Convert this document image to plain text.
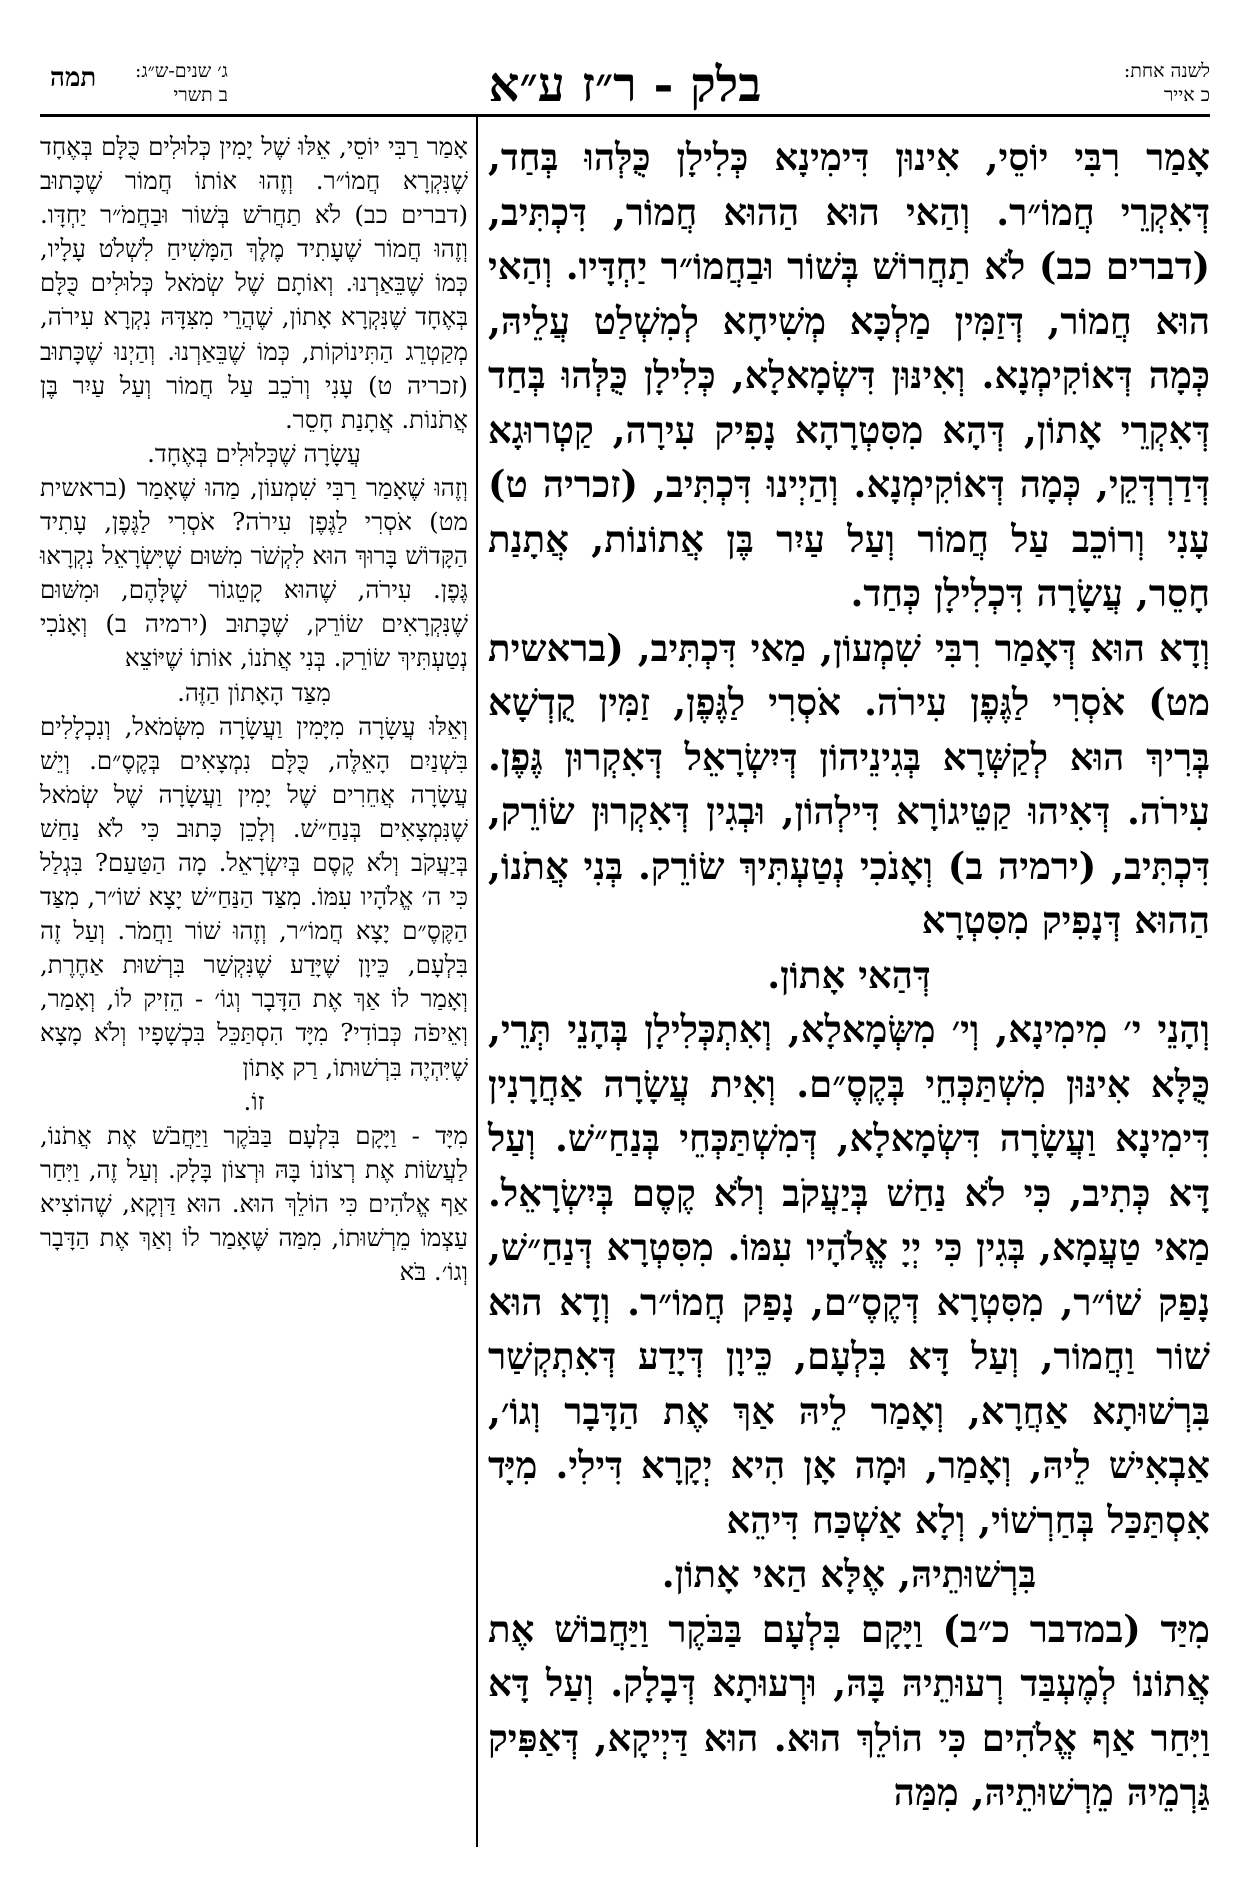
תמה ג׳ שנים-ש״ג:
ב תשרי	בלק - ר״ז ע״א	לשנה אחת:
כ אייר

אָמַר רִבִּי יוֹסֵי, אִינוּן דִּימִינָא כְּלִילָן כֻּלְּהוּ בְּחַד, דְּאִקְרֵי חֲמוֹ״ר. וְהַאי הוּא הַהוּא חֲמוֹר, דִּכְתִּיב, (דברים כב) לֹא תַחֲרוֹשׁ בְּשׁוֹר וּבַחֲמוֹ״ר יַחְדָּיו. וְהַאי הוּא חֲמוֹר, דְּזַמִּין מַלְכָּא מְשִׁיחָא לְמִשְׁלַט עֲלֵיהּ, כְּמָה דְּאוֹקִימְנָא. וְאִינּוּן דִּשְׂמָאלָא, כְּלִילָן כֻּלְּהוּ בְּחַד דְּאִקְרֵי אָתוֹן, דְּהָא מִסִּטְרָהָא נָפִיק עִירָה, קַטְרוּגָא דְּדַרְדְּקֵי, כְּמָה דְּאוֹקִימְנָא. וְהַיְינוּ דִּכְתִּיב, (זכריה ט) עָנִי וְרוֹכֵב עַל חֲמוֹר וְעַל עַיִר בֶּן אֲתוֹנוֹת, אֲתָנַת חָסֵר, עֲשָׂרָה דִּכְלִילָן כְּחַד.

וְדָא הוּא דְּאָמַר רִבִּי שִׁמְעוֹן, מַאי דִּכְתִּיב, (בראשית מט) אֹסְרִי לַגֶּפֶן עִירֹה. אֹסְרִי לַגֶּפֶן, זַמִּין קֻדְשָׁא בְּרִיךְ הוּא לְקַשְּׁרָא בְּגִינֵיהוֹן דְּיִשְׂרָאֵל דְּאִקְרוּן גֶּפֶן. עִירֹה. דְּאִיהוּ קַטֵּיגוֹרָא דִּילְהוֹן, וּבְגִין דְּאִקְרוּן שׂוֹרֵק, דִּכְתִּיב, (ירמיה ב) וְאָנֹכִי נְטַעְתִּיךְ שׂוֹרֵק. בְּנִי אֲתֹנוֹ, הַהוּא דְּנָפִיק מִסִּטְרָא

דְּהַאי אָתוֹן.

וְהָנֵי י׳ מִימִינָא, וְי׳ מִשְּׂמָאלָא, וְאִתְכְּלִילָן בְּהָנֵי תְּרֵי, כֻּלָּא אִינּוּן מִשְׁתַּכְּחֵי בְּקֶסֶ״ם. וְאִית עֲשָׂרָה אַחֲרָנִין דִּימִינָא וַעֲשָׂרָה דִּשְׂמָאלָא, דְּמִשְׁתַּכְּחֵי בְּנַחַ״שׁ. וְעַל דָּא כְּתִיב, כִּי לֹא נַחַשׁ בְּיַעֲקֹב וְלֹא קֶסֶם בְּיִשְׂרָאֵל. מַאי טַעֲמָא, בְּגִין כִּי יְיָ אֱלֹהָיו עִמּוֹ. מִסִּטְרָא דְּנַחַ״שׁ, נָפַק שׁוֹ״ר, מִסִּטְרָא דְּקֶסֶ״ם, נָפַק חֲמוֹ״ר. וְדָא הוּא שׁוֹר וַחֲמוֹר, וְעַל דָּא בִּלְעָם, כֵּיוָן דְּיָדַע דְּאִתְקְשַׁר בִּרְשׁוּתָא אַחֲרָא, וְאָמַר לֵיהּ אַךְ אֶת הַדָּבָר וְגוֹ׳, אַבְאִישׁ לֵיהּ, וְאָמַר, וּמָה אָן הִיא יְקָרָא דִּילִי. מִיָּד אִסְתַּכַּל בְּחַרְשׁוֹי, וְלָא אַשְׁכַּח דִּיהֵא

בִּרְשׁוּתֵיהּ, אֶלָּא הַאי אָתוֹן.

מִיַּד (במדבר כ״ב) וַיָּקָם בִּלְעָם בַּבֹּקֶר וַיַּחֲבוֹשׁ אֶת אֲתוֹנוֹ לְמֶעְבַּד רְעוּתֵיהּ בָּהּ, וּרְעוּתָא דְּבָלָק. וְעַל דָּא וַיִּחַר אַף אֱלֹהִים כִּי הוֹלֵךְ הוּא. הוּא דַּיְיקָא, דְּאַפִּיק גַּרְמֵיהּ מֵרְשׁוּתֵיהּ, מִמַּה

אָמַר רַבִּי יוֹסֵי, אֵלּוּ שֶׁל יָמִין כְּלוּלִים כֻּלָּם בְּאֶחָד שֶׁנִּקְרָא חֲמוֹ״ר. וְזֶהוּ אוֹתוֹ חֲמוֹר שֶׁכָּתוּב (דברים כב) לֹא תַחֲרֹשׁ בְּשׁוֹר וּבַחֲמֹ״ר יַחְדָּו. וְזֶהוּ חֲמוֹר שֶׁעָתִיד מֶלֶךְ הַמָּשִׁיחַ לִשְׁלֹט עָלָיו, כְּמוֹ שֶׁבֵּאַרְנוּ. וְאוֹתָם שֶׁל שְׂמֹאל כְּלוּלִים כֻּלָּם בְּאֶחָד שֶׁנִּקְרָא אָתוֹן, שֶׁהֲרֵי מִצִּדָּהּ נִקְרָא עִירֹה, מְקַטְרֵג הַתִּינוֹקוֹת, כְּמוֹ שֶׁבֵּאַרְנוּ. וְהַיְנוּ שֶׁכָּתוּב (זכריה ט) עָנִי וְרֹכֵב עַל חֲמוֹר וְעַל עַיִר בֶּן אֲתֹנוֹת. אֲתָנַת חָסֵר.

עֲשָׂרָה שֶׁכְּלוּלִים בְּאֶחָד.

וְזֶהוּ שֶׁאָמַר רַבִּי שִׁמְעוֹן, מַהוּ שֶׁאָמַר (בראשית מט) אֹסְרִי לַגֶּפֶן עִירֹה? אֹסְרִי לַגֶּפֶן, עָתִיד הַקָּדוֹשׁ בָּרוּךְ הוּא לִקְשֹׁר מִשּׁוּם שֶׁיִּשְׂרָאֵל נִקְרָאוּ גֶּפֶן. עִירֹה, שֶׁהוּא קָטֵגוֹר שֶׁלָּהֶם, וּמִשּׁוּם שֶׁנִּקְרָאִים שׂוֹרֵק, שֶׁכָּתוּב (ירמיה ב) וְאָנֹכִי נְטַעְתִּיךְ שׂוֹרֵק. בְּנִי אֲתֹנוֹ, אוֹתוֹ שֶׁיּוֹצֵא

מִצַּד הָאָתוֹן הַזֶּה.

וְאֵלּוּ עֲשָׂרָה מִיָּמִין וַעֲשָׂרָה מִשְּׂמֹאל, וְנִכְלָלִים בִּשְׁנַיִם הָאֵלֶּה, כֻּלָּם נִמְצָאִים בְּקֶסֶ״ם. וְיֵשׁ עֲשָׂרָה אֲחֵרִים שֶׁל יָמִין וַעֲשָׂרָה שֶׁל שְׂמֹאל שֶׁנִּמְצָאִים בְּנַחַ״שׁ. וְלָכֵן כָּתוּב כִּי לֹא נַחַשׁ בְּיַעֲקֹב וְלֹא קֶסֶם בְּיִשְׂרָאֵל. מָה הַטַּעַם? בִּגְלַל כִּי ה׳ אֱלֹהָיו עִמּוֹ. מִצַּד הַנַּחַ״שׁ יָצָא שׁוֹ״ר, מִצַּד הַקֶּסֶ״ם יָצָא חֲמוֹ״ר, וְזֶהוּ שׁוֹר וַחֲמֹר. וְעַל זֶה בִּלְעָם, כֵּיוָן שֶׁיָּדַע שֶׁנִּקְשַׁר בִּרְשׁוּת אַחֶרֶת, וְאָמַר לוֹ אַךְ אֶת הַדָּבָר וְגוֹ׳ - הֵזִיק לוֹ, וְאָמַר, וְאֵיפֹה כְּבוֹדִי? מִיָּד הִסְתַּכֵּל בִּכְשָׁפָיו וְלֹא מָצָא שֶׁיִּהְיֶה בִּרְשׁוּתוֹ, רַק אָתוֹן

זוֹ.

מִיָּד - וַיָּקָם בִּלְעָם בַּבֹּקֶר וַיַּחֲבֹשׁ אֶת אֲתֹנוֹ, לַעֲשׂוֹת אֶת רְצוֹנוֹ בָּהּ וּרְצוֹן בָּלָק. וְעַל זֶה, וַיִּחַר אַף אֱלֹהִים כִּי הוֹלֵךְ הוּא. הוּא דַּוְקָא, שֶׁהוֹצִיא עַצְמוֹ מֵרְשׁוּתוֹ, מִמַּה שֶּׁאָמַר לוֹ וְאַךְ אֶת הַדָּבָר וְגוֹ׳. בֹּא
